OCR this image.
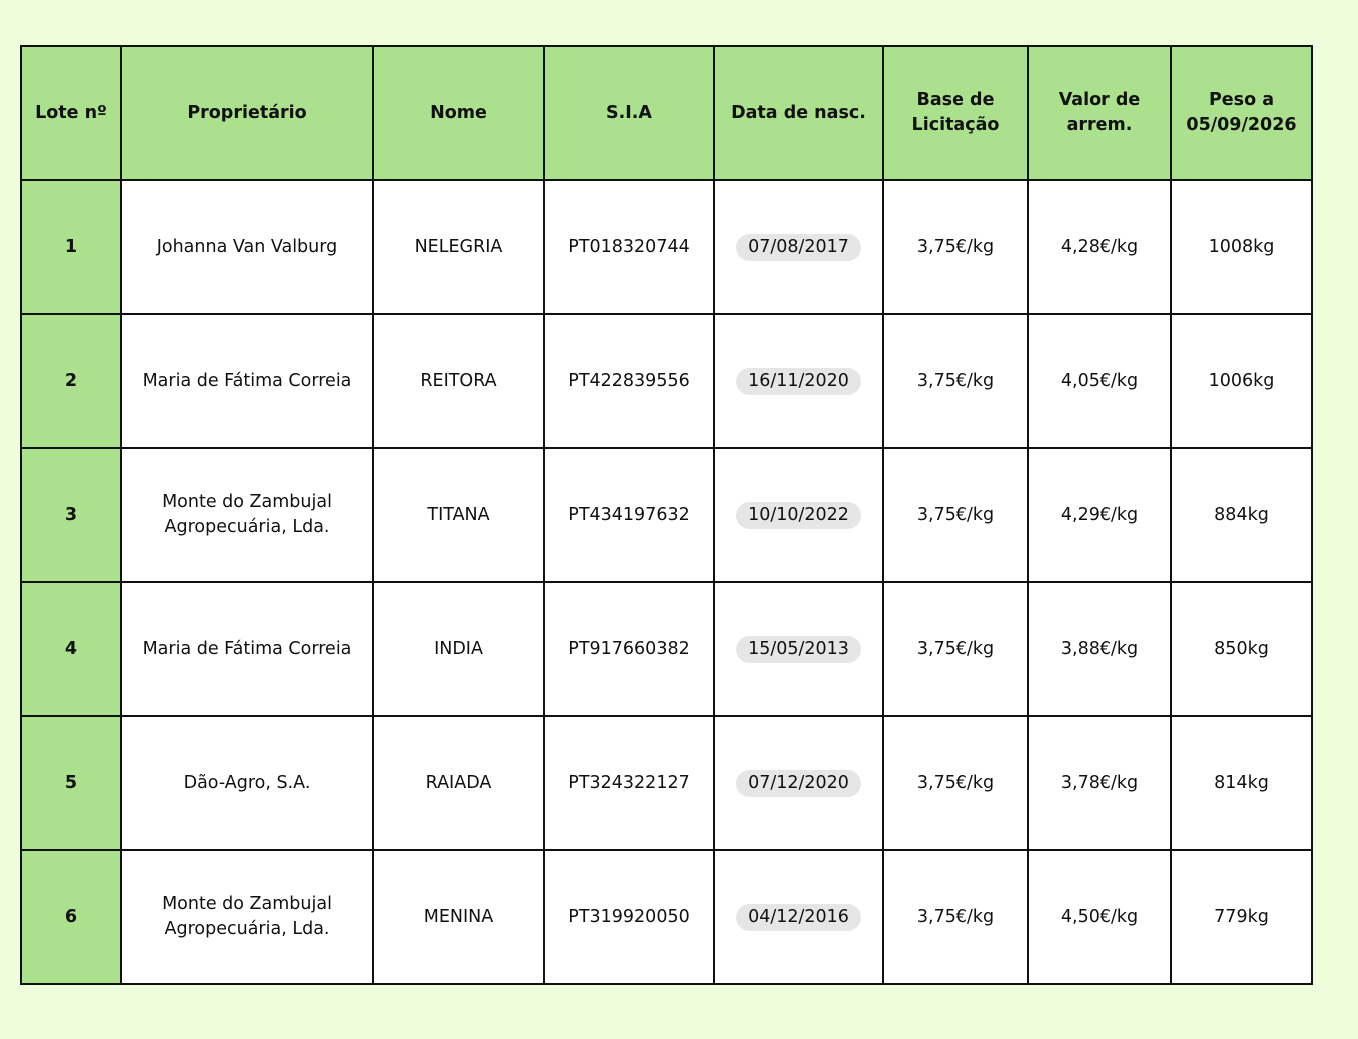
Lote nº	Proprietário	Nome	S.I.A	Data de nasc.	Base de Licitação	Valor de arrem.	Peso a 05/09/2026
1	Johanna Van Valburg	NELEGRIA	PT018320744	07/08/2017	3,75€/kg	4,28€/kg	1008kg
2	Maria de Fátima Correia	REITORA	PT422839556	16/11/2020	3,75€/kg	4,05€/kg	1006kg
3	Monte do Zambujal Agropecuária, Lda.	TITANA	PT434197632	10/10/2022	3,75€/kg	4,29€/kg	884kg
4	Maria de Fátima Correia	INDIA	PT917660382	15/05/2013	3,75€/kg	3,88€/kg	850kg
5	Dão-Agro, S.A.	RAIADA	PT324322127	07/12/2020	3,75€/kg	3,78€/kg	814kg
6	Monte do Zambujal Agropecuária, Lda.	MENINA	PT319920050	04/12/2016	3,75€/kg	4,50€/kg	779kg
